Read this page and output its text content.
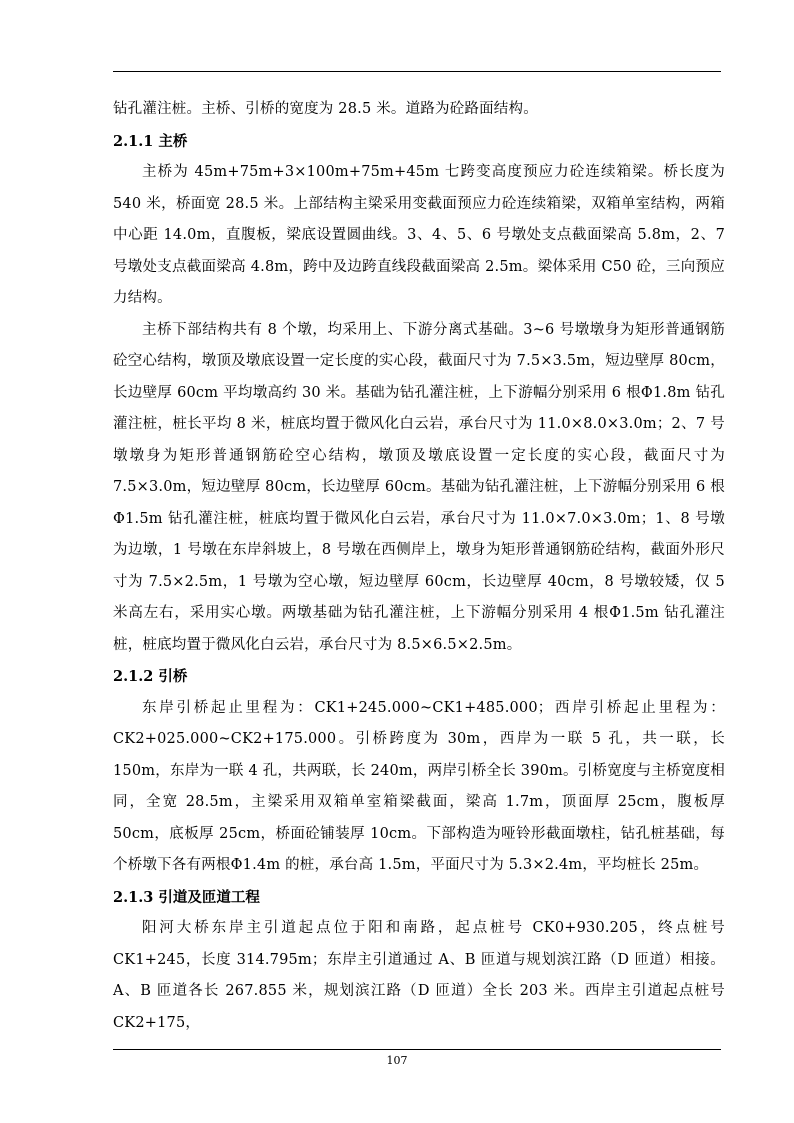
钻孔灌注桩。主桥、引桥的宽度为 28.5 米。道路为砼路面结构。

2.1.1 主桥

主桥为 45m+75m+3×100m+75m+45m 七跨变高度预应力砼连续箱梁。桥长度为 540 米，桥面宽 28.5 米。上部结构主梁采用变截面预应力砼连续箱梁，双箱单室结构，两箱中心距 14.0m，直腹板，梁底设置圆曲线。3、4、5、6 号墩处支点截面梁高 5.8m，2、7 号墩处支点截面梁高 4.8m，跨中及边跨直线段截面梁高 2.5m。梁体采用 C50 砼，三向预应力结构。

主桥下部结构共有 8 个墩，均采用上、下游分离式基础。3~6 号墩墩身为矩形普通钢筋砼空心结构，墩顶及墩底设置一定长度的实心段，截面尺寸为 7.5×3.5m，短边壁厚 80cm，长边壁厚 60cm 平均墩高约 30 米。基础为钻孔灌注桩，上下游幅分别采用 6 根Φ1.8m 钻孔灌注桩，桩长平均 8 米，桩底均置于微风化白云岩，承台尺寸为 11.0×8.0×3.0m；2、7 号墩墩身为矩形普通钢筋砼空心结构，墩顶及墩底设置一定长度的实心段，截面尺寸为 7.5×3.0m，短边壁厚 80cm，长边壁厚 60cm。基础为钻孔灌注桩，上下游幅分别采用 6 根Φ1.5m 钻孔灌注桩，桩底均置于微风化白云岩，承台尺寸为 11.0×7.0×3.0m；1、8 号墩为边墩，1 号墩在东岸斜坡上，8 号墩在西侧岸上，墩身为矩形普通钢筋砼结构，截面外形尺寸为 7.5×2.5m，1 号墩为空心墩，短边壁厚 60cm，长边壁厚 40cm，8 号墩较矮，仅 5 米高左右，采用实心墩。两墩基础为钻孔灌注桩，上下游幅分别采用 4 根Φ1.5m 钻孔灌注桩，桩底均置于微风化白云岩，承台尺寸为 8.5×6.5×2.5m。

2.1.2 引桥

东岸引桥起止里程为：CK1+245.000~CK1+485.000；西岸引桥起止里程为：CK2+025.000~CK2+175.000。引桥跨度为 30m，西岸为一联 5 孔，共一联，长 150m，东岸为一联 4 孔，共两联，长 240m，两岸引桥全长 390m。引桥宽度与主桥宽度相同，全宽 28.5m，主梁采用双箱单室箱梁截面，梁高 1.7m，顶面厚 25cm，腹板厚 50cm，底板厚 25cm，桥面砼铺装厚 10cm。下部构造为哑铃形截面墩柱，钻孔桩基础，每个桥墩下各有两根Φ1.4m 的桩，承台高 1.5m，平面尺寸为 5.3×2.4m，平均桩长 25m。

2.1.3 引道及匝道工程

阳河大桥东岸主引道起点位于阳和南路，起点桩号 CK0+930.205，终点桩号 CK1+245，长度 314.795m；东岸主引道通过 A、B 匝道与规划滨江路（D 匝道）相接。A、B 匝道各长 267.855 米，规划滨江路（D 匝道）全长 203 米。西岸主引道起点桩号 CK2+175，

107
